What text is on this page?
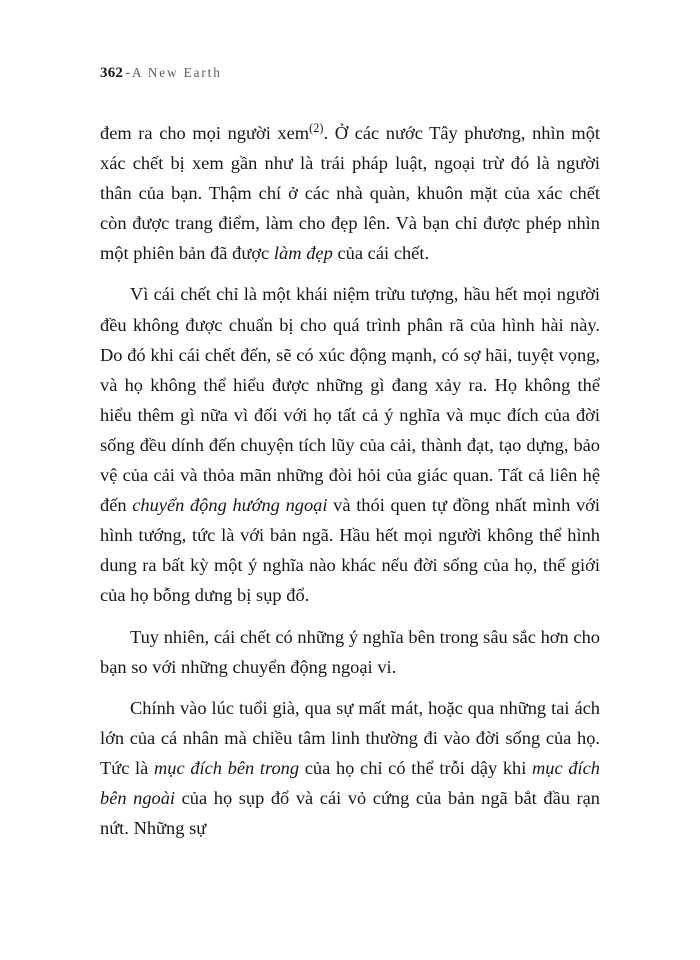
362 - A New Earth

đem ra cho mọi người xem$^{(2)}$. Ở các nước Tây phương, nhìn một xác chết bị xem gần như là trái pháp luật, ngoại trừ đó là người thân của bạn. Thậm chí ở các nhà quàn, khuôn mặt của xác chết còn được trang điểm, làm cho đẹp lên. Và bạn chỉ được phép nhìn một phiên bản đã được làm đẹp của cái chết.

Vì cái chết chỉ là một khái niệm trừu tượng, hầu hết mọi người đều không được chuẩn bị cho quá trình phân rã của hình hài này. Do đó khi cái chết đến, sẽ có xúc động mạnh, có sợ hãi, tuyệt vọng, và họ không thể hiểu được những gì đang xảy ra. Họ không thể hiểu thêm gì nữa vì đối với họ tất cả ý nghĩa và mục đích của đời sống đều dính đến chuyện tích lũy của cải, thành đạt, tạo dựng, bảo vệ của cải và thỏa mãn những đòi hỏi của giác quan. Tất cả liên hệ đến chuyển động hướng ngoại và thói quen tự đồng nhất mình với hình tướng, tức là với bản ngã. Hầu hết mọi người không thể hình dung ra bất kỳ một ý nghĩa nào khác nếu đời sống của họ, thế giới của họ bỗng dưng bị sụp đổ.

Tuy nhiên, cái chết có những ý nghĩa bên trong sâu sắc hơn cho bạn so với những chuyển động ngoại vi.

Chính vào lúc tuổi già, qua sự mất mát, hoặc qua những tai ách lớn của cá nhân mà chiều tâm linh thường đi vào đời sống của họ. Tức là mục đích bên trong của họ chỉ có thể trỗi dậy khi mục đích bên ngoài của họ sụp đổ và cái vỏ cứng của bản ngã bắt đầu rạn nứt. Những sự
